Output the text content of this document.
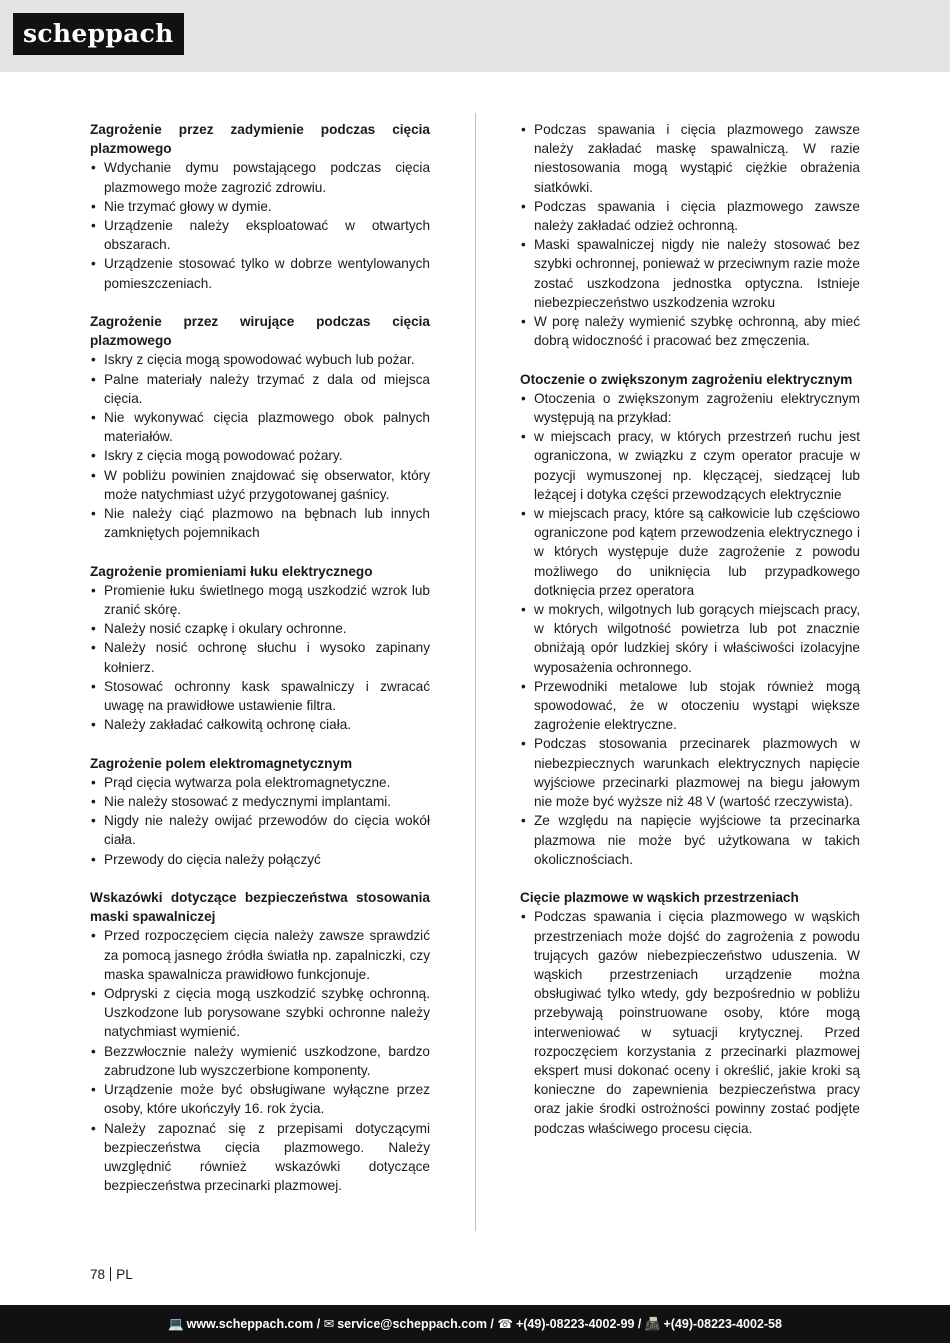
scheppach
Zagrożenie przez zadymienie podczas cięcia plazmowego
• Wdychanie dymu powstającego podczas cięcia plazmowego może zagrozić zdrowiu.
• Nie trzymać głowy w dymie.
• Urządzenie należy eksploatować w otwartych obszarach.
• Urządzenie stosować tylko w dobrze wentylowanych pomieszczeniach.
Zagrożenie przez wirujące podczas cięcia plazmowego
• Iskry z cięcia mogą spowodować wybuch lub pożar.
• Palne materiały należy trzymać z dala od miejsca cięcia.
• Nie wykonywać cięcia plazmowego obok palnych materiałów.
• Iskry z cięcia mogą powodować pożary.
• W pobliżu powinien znajdować się obserwator, który może natychmiast użyć przygotowanej gaśnicy.
• Nie należy ciąć plazmowo na bębnach lub innych zamkniętych pojemnikach
Zagrożenie promieniami łuku elektrycznego
• Promienie łuku świetlnego mogą uszkodzić wzrok lub zranić skórę.
• Należy nosić czapkę i okulary ochronne.
• Należy nosić ochronę słuchu i wysoko zapinany kołnierz.
• Stosować ochronny kask spawalniczy i zwracać uwagę na prawidłowe ustawienie filtra.
• Należy zakładać całkowitą ochronę ciała.
Zagrożenie polem elektromagnetycznym
• Prąd cięcia wytwarza pola elektromagnetyczne.
• Nie należy stosować z medycznymi implantami.
• Nigdy nie należy owijać przewodów do cięcia wokół ciała.
• Przewody do cięcia należy połączyć
Wskazówki dotyczące bezpieczeństwa stosowania maski spawalniczej
• Przed rozpoczęciem cięcia należy zawsze sprawdzić za pomocą jasnego źródła światła np. zapalniczki, czy maska spawalnicza prawidłowo funkcjonuje.
• Odpryski z cięcia mogą uszkodzić szybkę ochronną. Uszkodzone lub porysowane szybki ochronne należy natychmiast wymienić.
• Bezzwłocznie należy wymienić uszkodzone, bardzo zabrudzone lub wyszczerbione komponenty.
• Urządzenie może być obsługiwane wyłączne przez osoby, które ukończyły 16. rok życia.
• Należy zapoznać się z przepisami dotyczącymi bezpieczeństwa cięcia plazmowego. Należy uwzględnić również wskazówki dotyczące bezpieczeństwa przecinarki plazmowej.
• Podczas spawania i cięcia plazmowego zawsze należy zakładać maskę spawalniczą. W razie niestosowania mogą wystąpić ciężkie obrażenia siatkówki.
• Podczas spawania i cięcia plazmowego zawsze należy zakładać odzież ochronną.
• Maski spawalniczej nigdy nie należy stosować bez szybki ochronnej, ponieważ w przeciwnym razie może zostać uszkodzona jednostka optyczna. Istnieje niebezpieczeństwo uszkodzenia wzroku
• W porę należy wymienić szybkę ochronną, aby mieć dobrą widoczność i pracować bez zmęczenia.
Otoczenie o zwiększonym zagrożeniu elektrycznym
• Otoczenia o zwiększonym zagrożeniu elektrycznym występują na przykład:
• w miejscach pracy, w których przestrzeń ruchu jest ograniczona, w związku z czym operator pracuje w pozycji wymuszonej np. klęczącej, siedzącej lub leżącej i dotyka części przewodzących elektrycznie
• w miejscach pracy, które są całkowicie lub częściowo ograniczone pod kątem przewodzenia elektrycznego i w których występuje duże zagrożenie z powodu możliwego do uniknięcia lub przypadkowego dotknięcia przez operatora
• w mokrych, wilgotnych lub gorących miejscach pracy, w których wilgotność powietrza lub pot znacznie obniżają opór ludzkiej skóry i właściwości izolacyjne wyposażenia ochronnego.
• Przewodniki metalowe lub stojak również mogą spowodować, że w otoczeniu wystąpi większe zagrożenie elektryczne.
• Podczas stosowania przecinarek plazmowych w niebezpiecznych warunkach elektrycznych napięcie wyjściowe przecinarki plazmowej na biegu jałowym nie może być wyższe niż 48 V (wartość rzeczywista).
• Ze względu na napięcie wyjściowe ta przecinarka plazmowa nie może być użytkowana w takich okolicznościach.
Cięcie plazmowe w wąskich przestrzeniach
• Podczas spawania i cięcia plazmowego w wąskich przestrzeniach może dojść do zagrożenia z powodu trujących gazów niebezpieczeństwo uduszenia. W wąskich przestrzeniach urządzenie można obsługiwać tylko wtedy, gdy bezpośrednio w pobliżu przebywają poinstruowane osoby, które mogą interweniować w sytuacji krytycznej. Przed rozpoczęciem korzystania z przecinarki plazmowej ekspert musi dokonać oceny i określić, jakie kroki są konieczne do zapewnienia bezpieczeństwa pracy oraz jakie środki ostrożności powinny zostać podjęte podczas właściwego procesu cięcia.
78 PL
💻 www.scheppach.com / ✉ service@scheppach.com / ☎ +(49)-08223-4002-99 / 📠 +(49)-08223-4002-58
